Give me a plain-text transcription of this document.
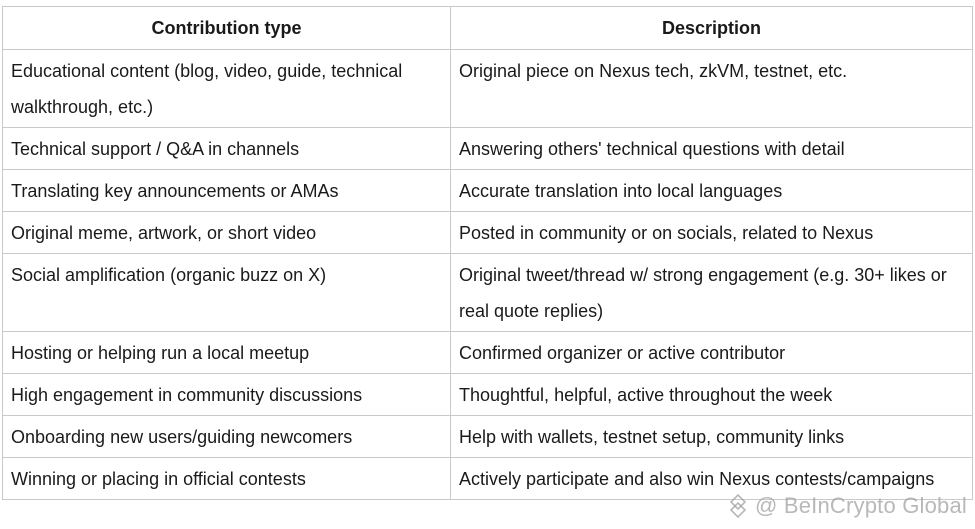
Contribution type	Description
Educational content (blog, video, guide, technical walkthrough, etc.)	Original piece on Nexus tech, zkVM, testnet, etc.
Technical support / Q&A in channels	Answering others' technical questions with detail
Translating key announcements or AMAs	Accurate translation into local languages
Original meme, artwork, or short video	Posted in community or on socials, related to Nexus
Social amplification (organic buzz on X)	Original tweet/thread w/ strong engagement (e.g. 30+ likes or real quote replies)
Hosting or helping run a local meetup	Confirmed organizer or active contributor
High engagement in community discussions	Thoughtful, helpful, active throughout the week
Onboarding new users/guiding newcomers	Help with wallets, testnet setup, community links
Winning or placing in official contests	Actively participate and also win Nexus contests/campaigns
@ BeInCrypto Global
